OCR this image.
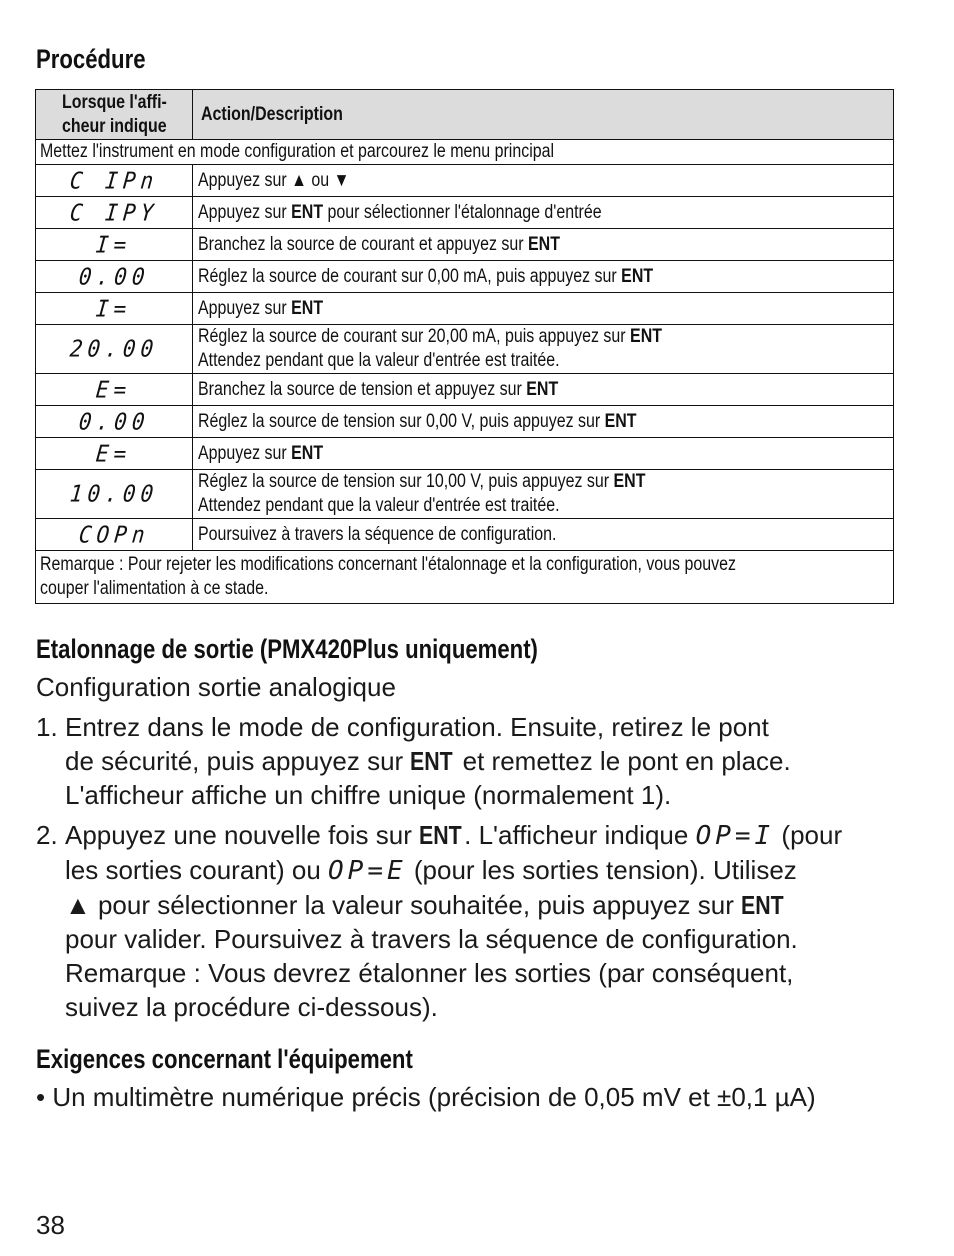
Procédure
Lorsque l'affi-
cheur indique	Action/Description
Mettez l'instrument en mode configuration et parcourez le menu principal	
C IPn	Appuyez sur ▲ ou ▼
C IPY	Appuyez sur ENT pour sélectionner l'étalonnage d'entrée
I=	Branchez la source de courant et appuyez sur ENT
0.00	Réglez la source de courant sur 0,00 mA, puis appuyez sur ENT
I=	Appuyez sur ENT
20.00	Réglez la source de courant sur 20,00 mA, puis appuyez sur ENT
Attendez pendant que la valeur d'entrée est traitée.
E=	Branchez la source de tension et appuyez sur ENT
0.00	Réglez la source de tension sur 0,00 V, puis appuyez sur ENT
E=	Appuyez sur ENT
10.00	Réglez la source de tension sur 10,00 V, puis appuyez sur ENT
Attendez pendant que la valeur d'entrée est traitée.
COPn	Poursuivez à travers la séquence de configuration.

Remarque : Pour rejeter les modifications concernant l'étalonnage et la configuration, vous pouvez
couper l'alimentation à ce stade.	
Etalonnage de sortie (PMX420Plus uniquement)
Configuration sortie analogique
1. Entrez dans le mode de configuration. Ensuite, retirez le pont
de sécurité, puis appuyez sur ENT et remettez le pont en place.
L'afficheur affiche un chiffre unique (normalement 1).
2. Appuyez une nouvelle fois sur ENT. L'afficheur indique OP=I (pour
les sorties courant) ou OP=E (pour les sorties tension). Utilisez
▲ pour sélectionner la valeur souhaitée, puis appuyez sur ENT
pour valider. Poursuivez à travers la séquence de configuration.
Remarque : Vous devrez étalonner les sorties (par conséquent,
suivez la procédure ci-dessous).
Exigences concernant l'équipement
• Un multimètre numérique précis (précision de 0,05 mV et ±0,1 µA)
38
